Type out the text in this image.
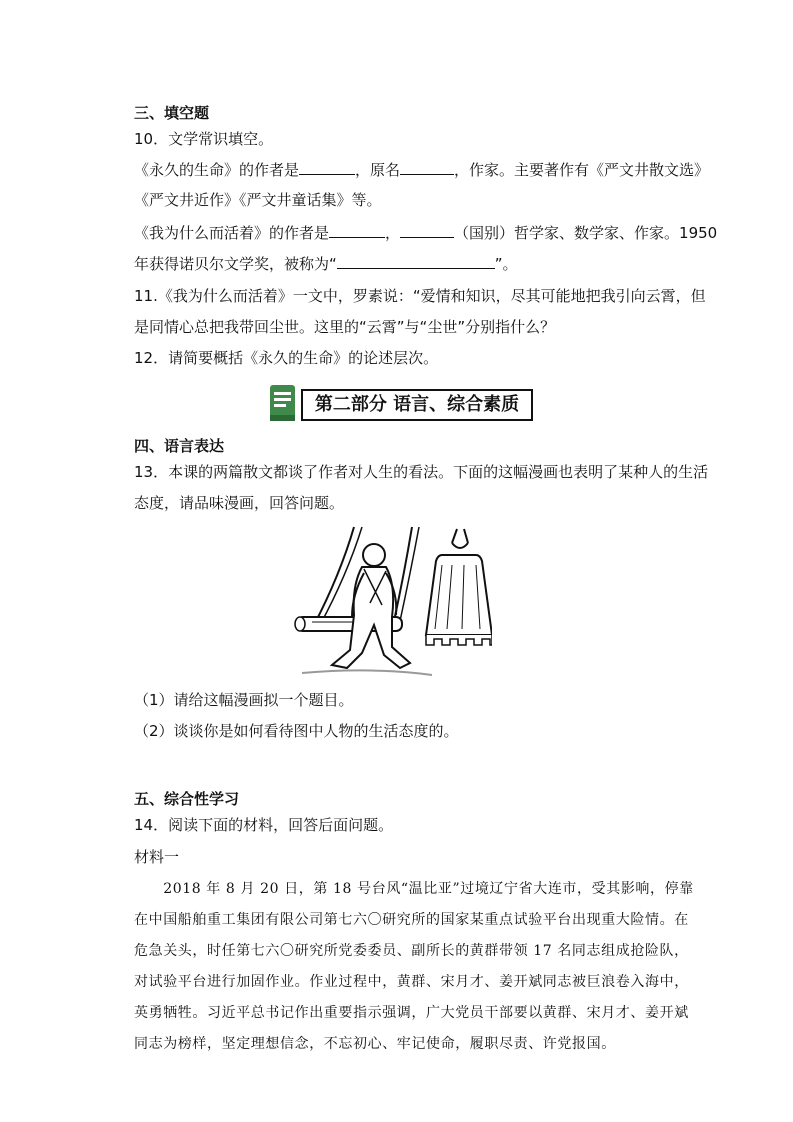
三、填空题
10．文学常识填空。
《永久的生命》的作者是	，原名	，作家。主要著作有《严文井散文选》
《严文井近作》《严文井童话集》等。
《我为什么而活着》的作者是	，	（国别）哲学家、数学家、作家。1950
年获得诺贝尔文学奖，被称为“	”。
11.《我为什么而活着》一文中，罗素说：“爱情和知识，尽其可能地把我引向云霄，但
是同情心总把我带回尘世。这里的“云霄”与“尘世”分别指什么？
12．请简要概括《永久的生命》的论述层次。
第二部分 语言、综合素质
四、语言表达
13．本课的两篇散文都谈了作者对人生的看法。下面的这幅漫画也表明了某种人的生活
态度，请品味漫画，回答问题。
（1）请给这幅漫画拟一个题目。
（2）谈谈你是如何看待图中人物的生活态度的。
五、综合性学习
14．阅读下面的材料，回答后面问题。
材料一
　　2018 年 8 月 20 日，第 18 号台风“温比亚”过境辽宁省大连市，受其影响，停靠
在中国船舶重工集团有限公司第七六〇研究所的国家某重点试验平台出现重大险情。在
危急关头，时任第七六〇研究所党委委员、副所长的黄群带领 17 名同志组成抢险队，
对试验平台进行加固作业。作业过程中，黄群、宋月才、姜开斌同志被巨浪卷入海中，
英勇牺牲。习近平总书记作出重要指示强调，广大党员干部要以黄群、宋月才、姜开斌
同志为榜样，坚定理想信念，不忘初心、牢记使命，履职尽责、许党报国。
